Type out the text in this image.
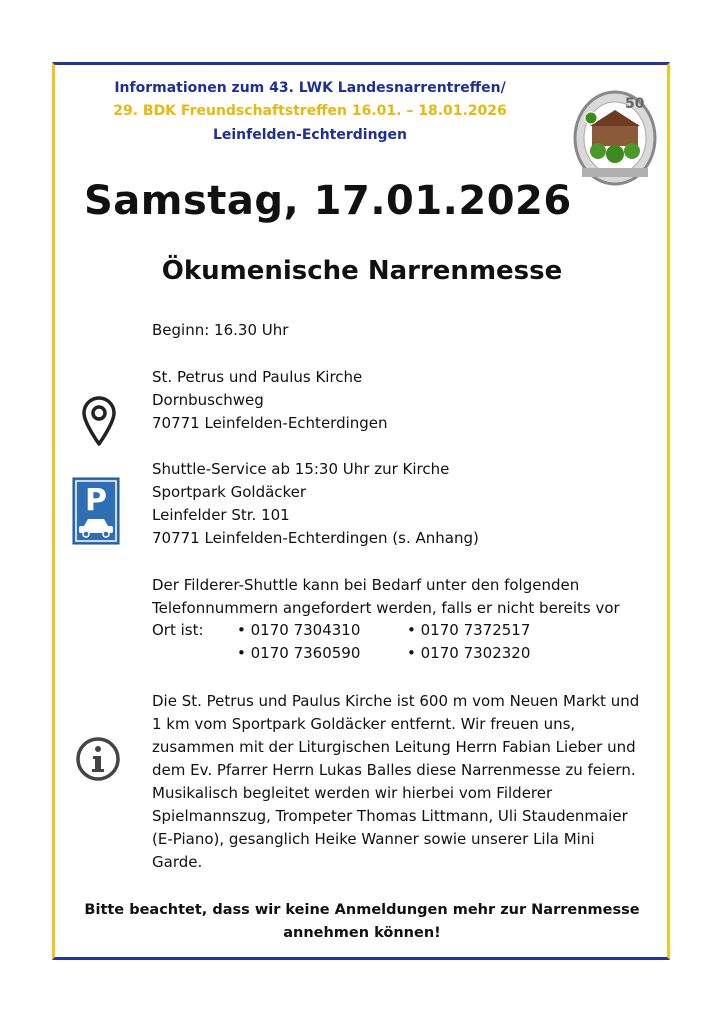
Informationen zum 43. LWK Landesnarrentreffen/
29. BDK Freundschaftstreffen 16.01. – 18.01.2026
Leinfelden-Echterdingen
50
Samstag, 17.01.2026
Ökumenische Narrenmesse
Beginn: 16.30 Uhr
St. Petrus und Paulus Kirche
Dornbuschweg
70771 Leinfelden-Echterdingen
Shuttle-Service ab 15:30 Uhr zur Kirche
Sportpark Goldäcker
Leinfelder Str. 101
70771 Leinfelden-Echterdingen (s. Anhang)
P
Der Filderer-Shuttle kann bei Bedarf unter den folgenden
Telefonnummern angefordert werden, falls er nicht bereits vor
Ort ist: • 0170 7304310	• 0170 7372517
• 0170 7360590	• 0170 7302320
Die St. Petrus und Paulus Kirche ist 600 m vom Neuen Markt und
1 km vom Sportpark Goldäcker entfernt. Wir freuen uns,
zusammen mit der Liturgischen Leitung Herrn Fabian Lieber und
dem Ev. Pfarrer Herrn Lukas Balles diese Narrenmesse zu feiern.
Musikalisch begleitet werden wir hierbei vom Filderer
Spielmannszug, Trompeter Thomas Littmann, Uli Staudenmaier
(E-Piano), gesanglich Heike Wanner sowie unserer Lila Mini
Garde.
Bitte beachtet, dass wir keine Anmeldungen mehr zur Narrenmesse
annehmen können!
